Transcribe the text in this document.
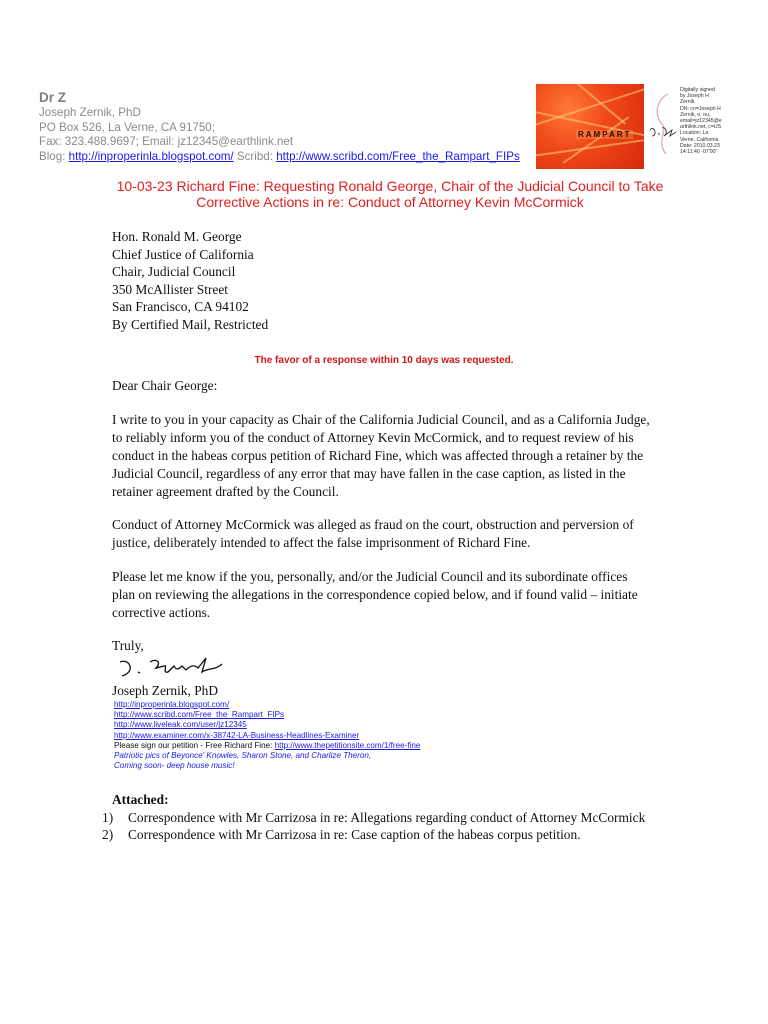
Dr Z
Joseph Zernik, PhD
PO Box 526, La Verne, CA 91750;
Fax: 323.488.9697; Email: jz12345@earthlink.net
Blog: http://inproperinla.blogspot.com/ Scribd: http://www.scribd.com/Free_the_Rampart_FIPs
RAMPART
Digitally signed
by Joseph H
Zernik
DN: cn=Joseph H
Zernik, o, ou,
email=jz12345@e
arthlink.net, c=US
Location: La
Verne, California
Date: 2010.03.23
14:11:40 -07'00'
10-03-23 Richard Fine: Requesting Ronald George, Chair of the Judicial Council to Take
Corrective Actions in re: Conduct of Attorney Kevin McCormick
Hon. Ronald M. George
Chief Justice of California
Chair, Judicial Council
350 McAllister Street
San Francisco, CA 94102
By Certified Mail, Restricted
The favor of a response within 10 days was requested.
Dear Chair George:
I write to you in your capacity as Chair of the California Judicial Council, and as a California Judge, to reliably inform you of the conduct of Attorney Kevin McCormick, and to request review of his conduct in the habeas corpus petition of Richard Fine, which was affected through a retainer by the Judicial Council, regardless of any error that may have fallen in the case caption, as listed in the retainer agreement drafted by the Council.
Conduct of Attorney McCormick was alleged as fraud on the court, obstruction and perversion of justice, deliberately intended to affect the false imprisonment of Richard Fine.
Please let me know if the you, personally, and/or the Judicial Council and its subordinate offices plan on reviewing the allegations in the correspondence copied below, and if found valid – initiate corrective actions.
Truly,
Joseph Zernik, PhD
http://inproperinla.blogspot.com/
http://www.scribd.com/Free_the_Rampart_FIPs
http://www.liveleak.com/user/jz12345
http://www.examiner.com/x-38742-LA-Business-Headlines-Examiner
Please sign our petition - Free Richard Fine: http://www.thepetitionsite.com/1/free-fine
Patriotic pics of Beyonce' Knowles, Sharon Stone, and Charlize Theron,
Coming soon- deep house music!
Attached:
1)	Correspondence with Mr Carrizosa in re: Allegations regarding conduct of Attorney McCormick
2)	Correspondence with Mr Carrizosa in re: Case caption of the habeas corpus petition.
